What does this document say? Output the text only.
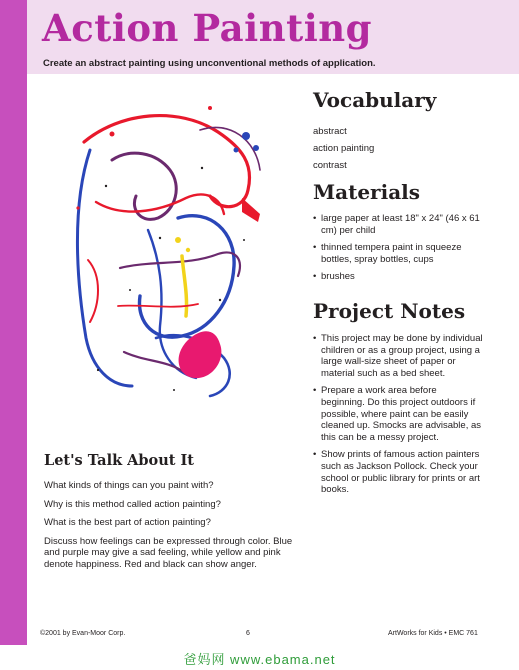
Action Painting

Create an abstract painting using unconventional methods of application.

Vocabulary
abstract
action painting
contrast
Materials
• large paper at least 18" x 24" (46 x 61 cm) per child
• thinned tempera paint in squeeze bottles, spray bottles, cups
• brushes
Project Notes
• This project may be done by individual children or as a group project, using a large wall-size sheet of paper or material such as a bed sheet.
• Prepare a work area before beginning. Do this project outdoors if possible, where paint can be easily cleaned up. Smocks are advisable, as this can be a messy project.
• Show prints of famous action painters such as Jackson Pollock. Check your school or public library for prints or art books.
Let's Talk About It

What kinds of things can you paint with?

Why is this method called action painting?

What is the best part of action painting?

Discuss how feelings can be expressed through color. Blue and purple may give a sad feeling, while yellow and pink denote happiness. Red and black can show anger.

©2001 by Evan-Moor Corp.	6	ArtWorks for Kids • EMC 761
爸妈网 www.ebama.net
